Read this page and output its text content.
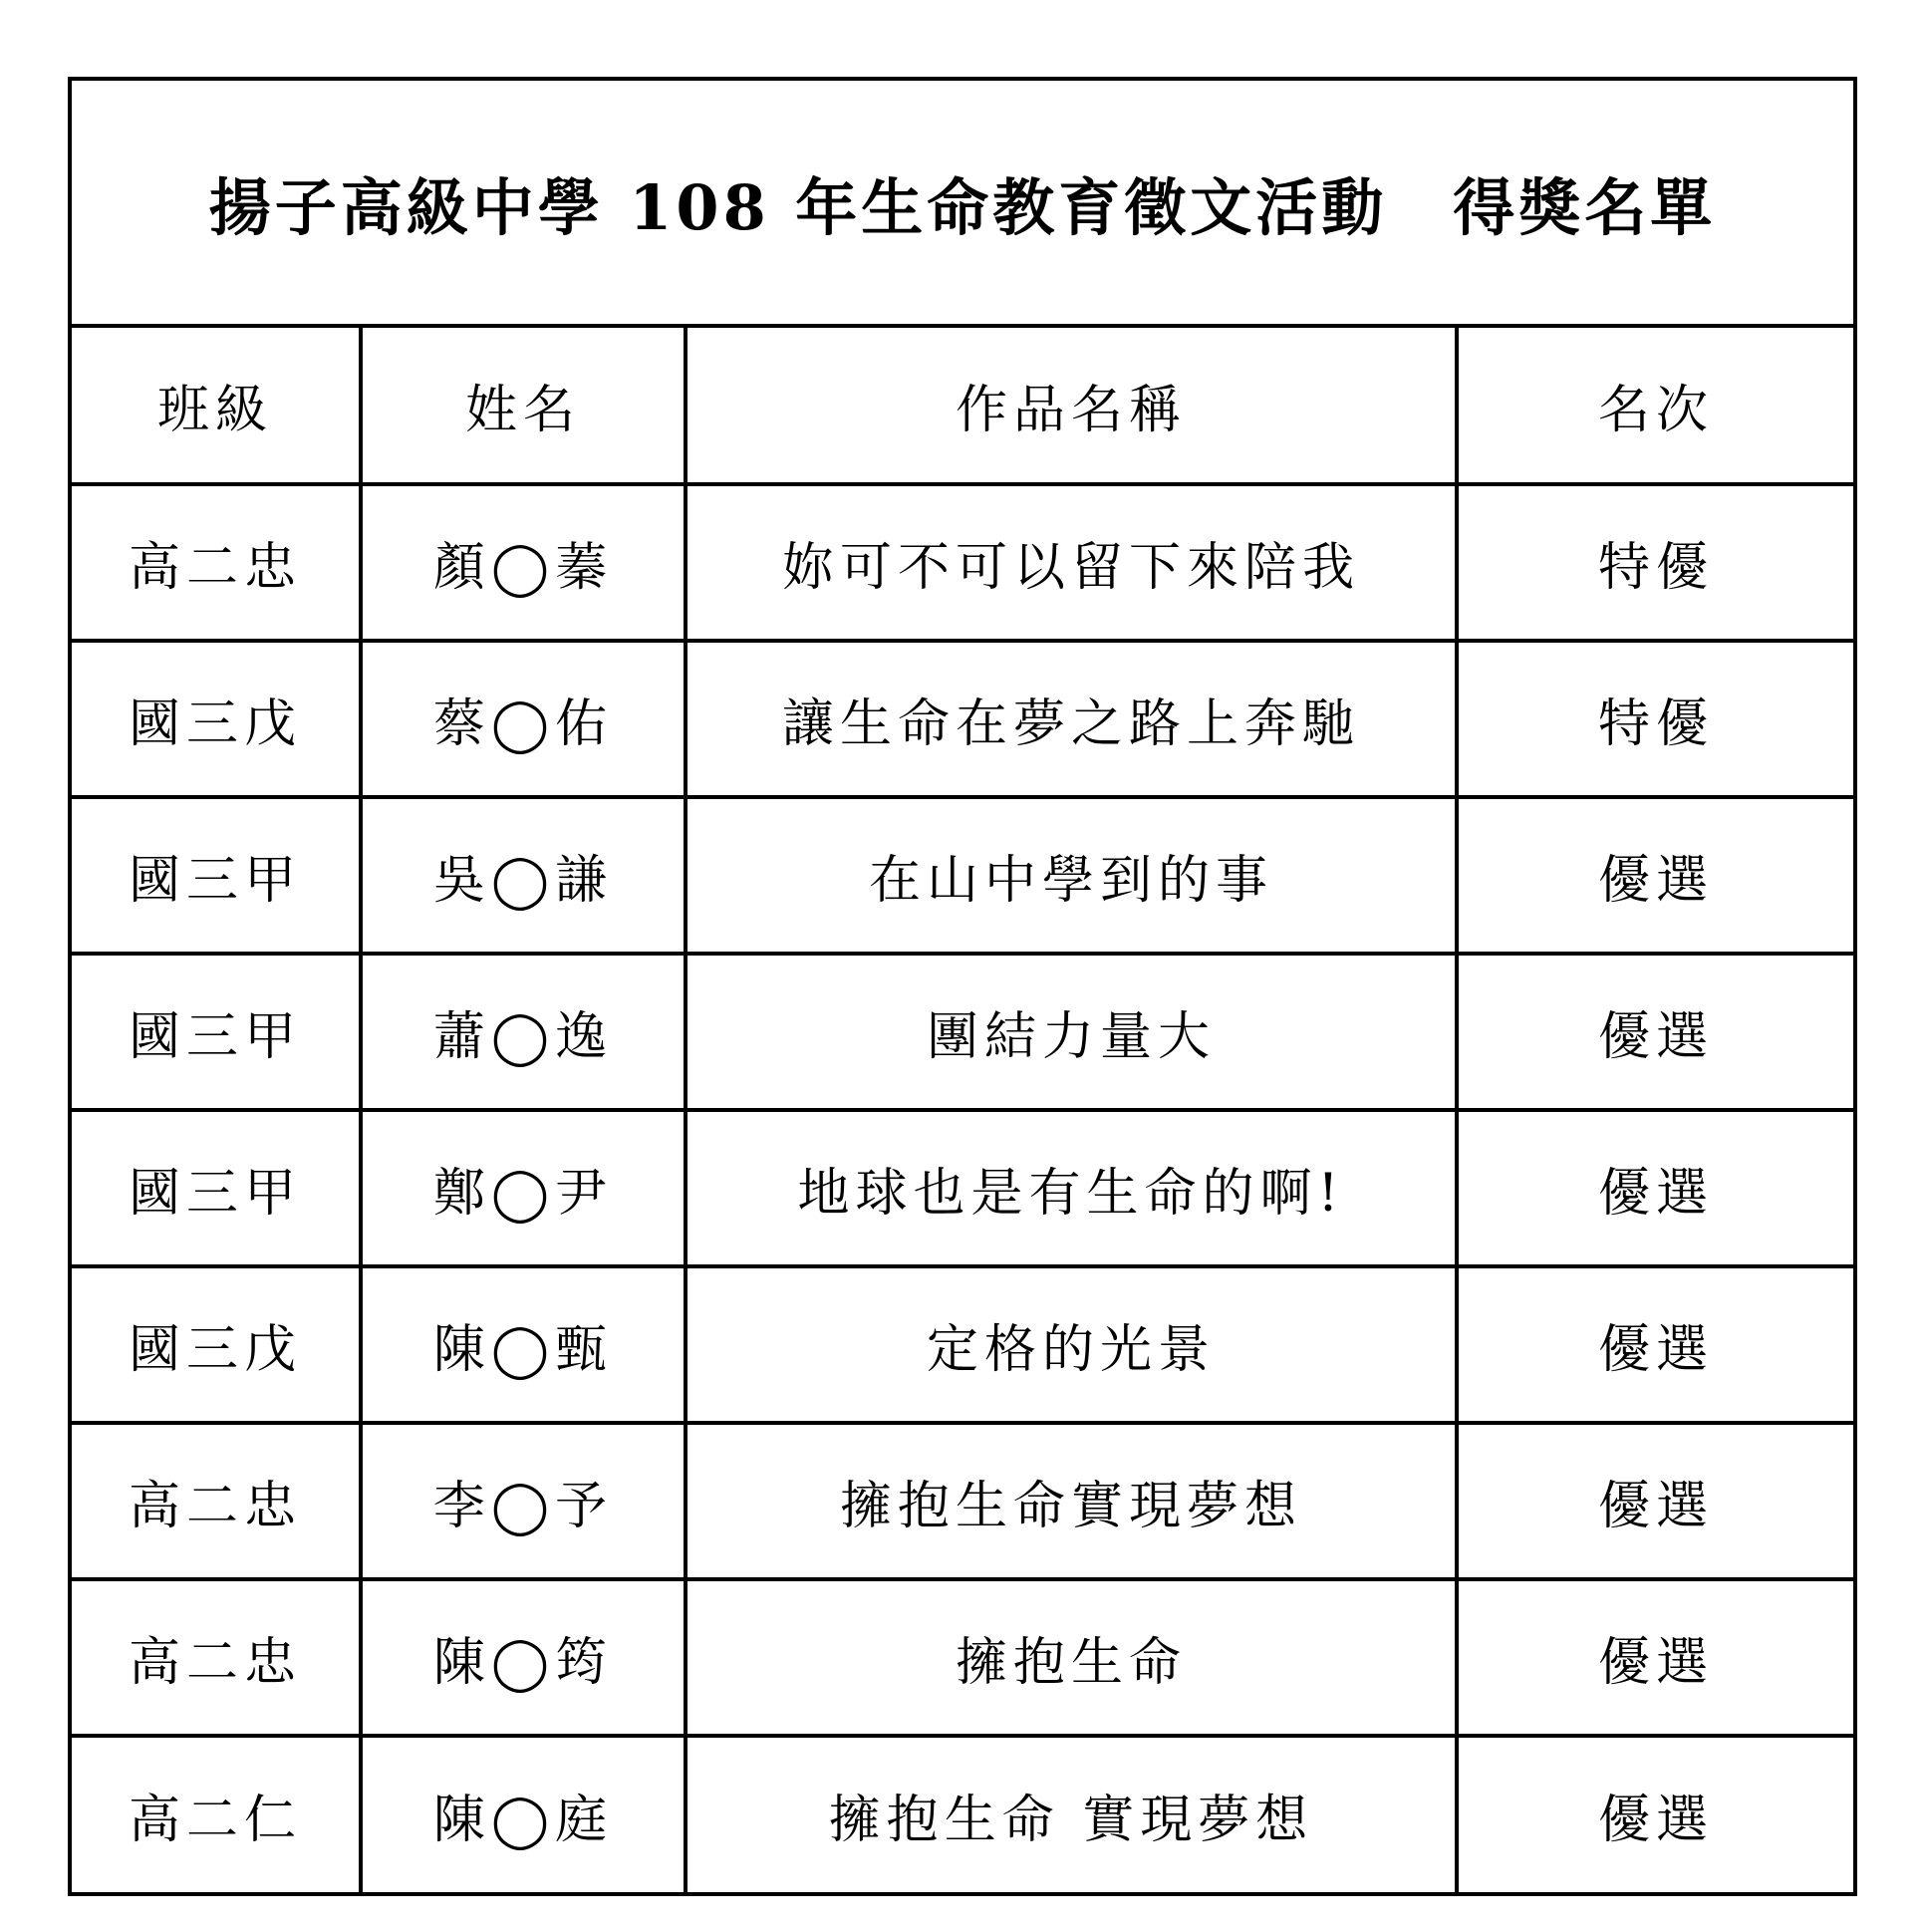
揚子高級中學 108 年生命教育徵文活動　得獎名單
班級	姓名	作品名稱	名次
高二忠	顏◯蓁	妳可不可以留下來陪我	特優
國三戊	蔡◯佑	讓生命在夢之路上奔馳	特優
國三甲	吳◯謙	在山中學到的事	優選
國三甲	蕭◯逸	團結力量大	優選
國三甲	鄭◯尹	地球也是有生命的啊!	優選
國三戊	陳◯甄	定格的光景	優選
高二忠	李◯予	擁抱生命實現夢想	優選
高二忠	陳◯筠	擁抱生命	優選
高二仁	陳◯庭	擁抱生命 實現夢想	優選
